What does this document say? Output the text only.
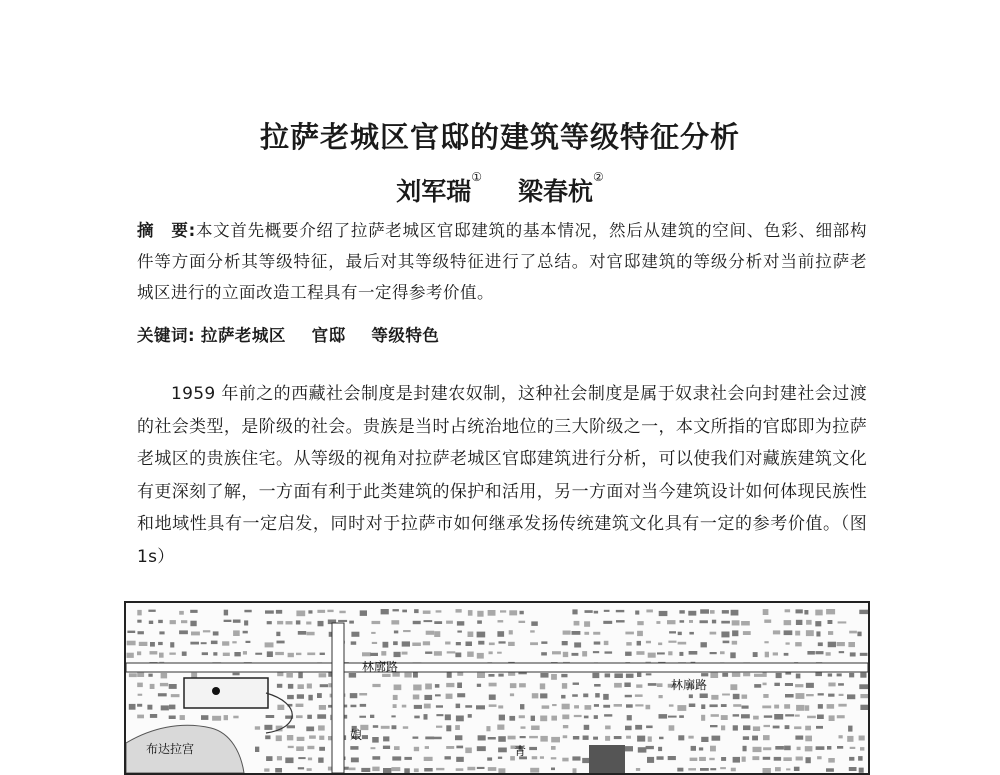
拉萨老城区官邸的建筑等级特征分析
刘军瑞① 梁春杭②
摘　要:本文首先概要介绍了拉萨老城区官邸建筑的基本情况，然后从建筑的空间、色彩、细部构件等方面分析其等级特征，最后对其等级特征进行了总结。对官邸建筑的等级分析对当前拉萨老城区进行的立面改造工程具有一定得参考价值。
关键词: 拉萨老城区 官邸 等级特色
1959 年前之的西藏社会制度是封建农奴制，这种社会制度是属于奴隶社会向封建社会过渡的社会类型，是阶级的社会。贵族是当时占统治地位的三大阶级之一，本文所指的官邸即为拉萨老城区的贵族住宅。从等级的视角对拉萨老城区官邸建筑进行分析，可以使我们对藏族建筑文化有更深刻了解，一方面有利于此类建筑的保护和活用，另一方面对当今建筑设计如何体现民族性和地域性具有一定启发，同时对于拉萨市如何继承发扬传统建筑文化具有一定的参考价值。（图1s）
林廓路
林廓路
布达拉宫
娘
青
